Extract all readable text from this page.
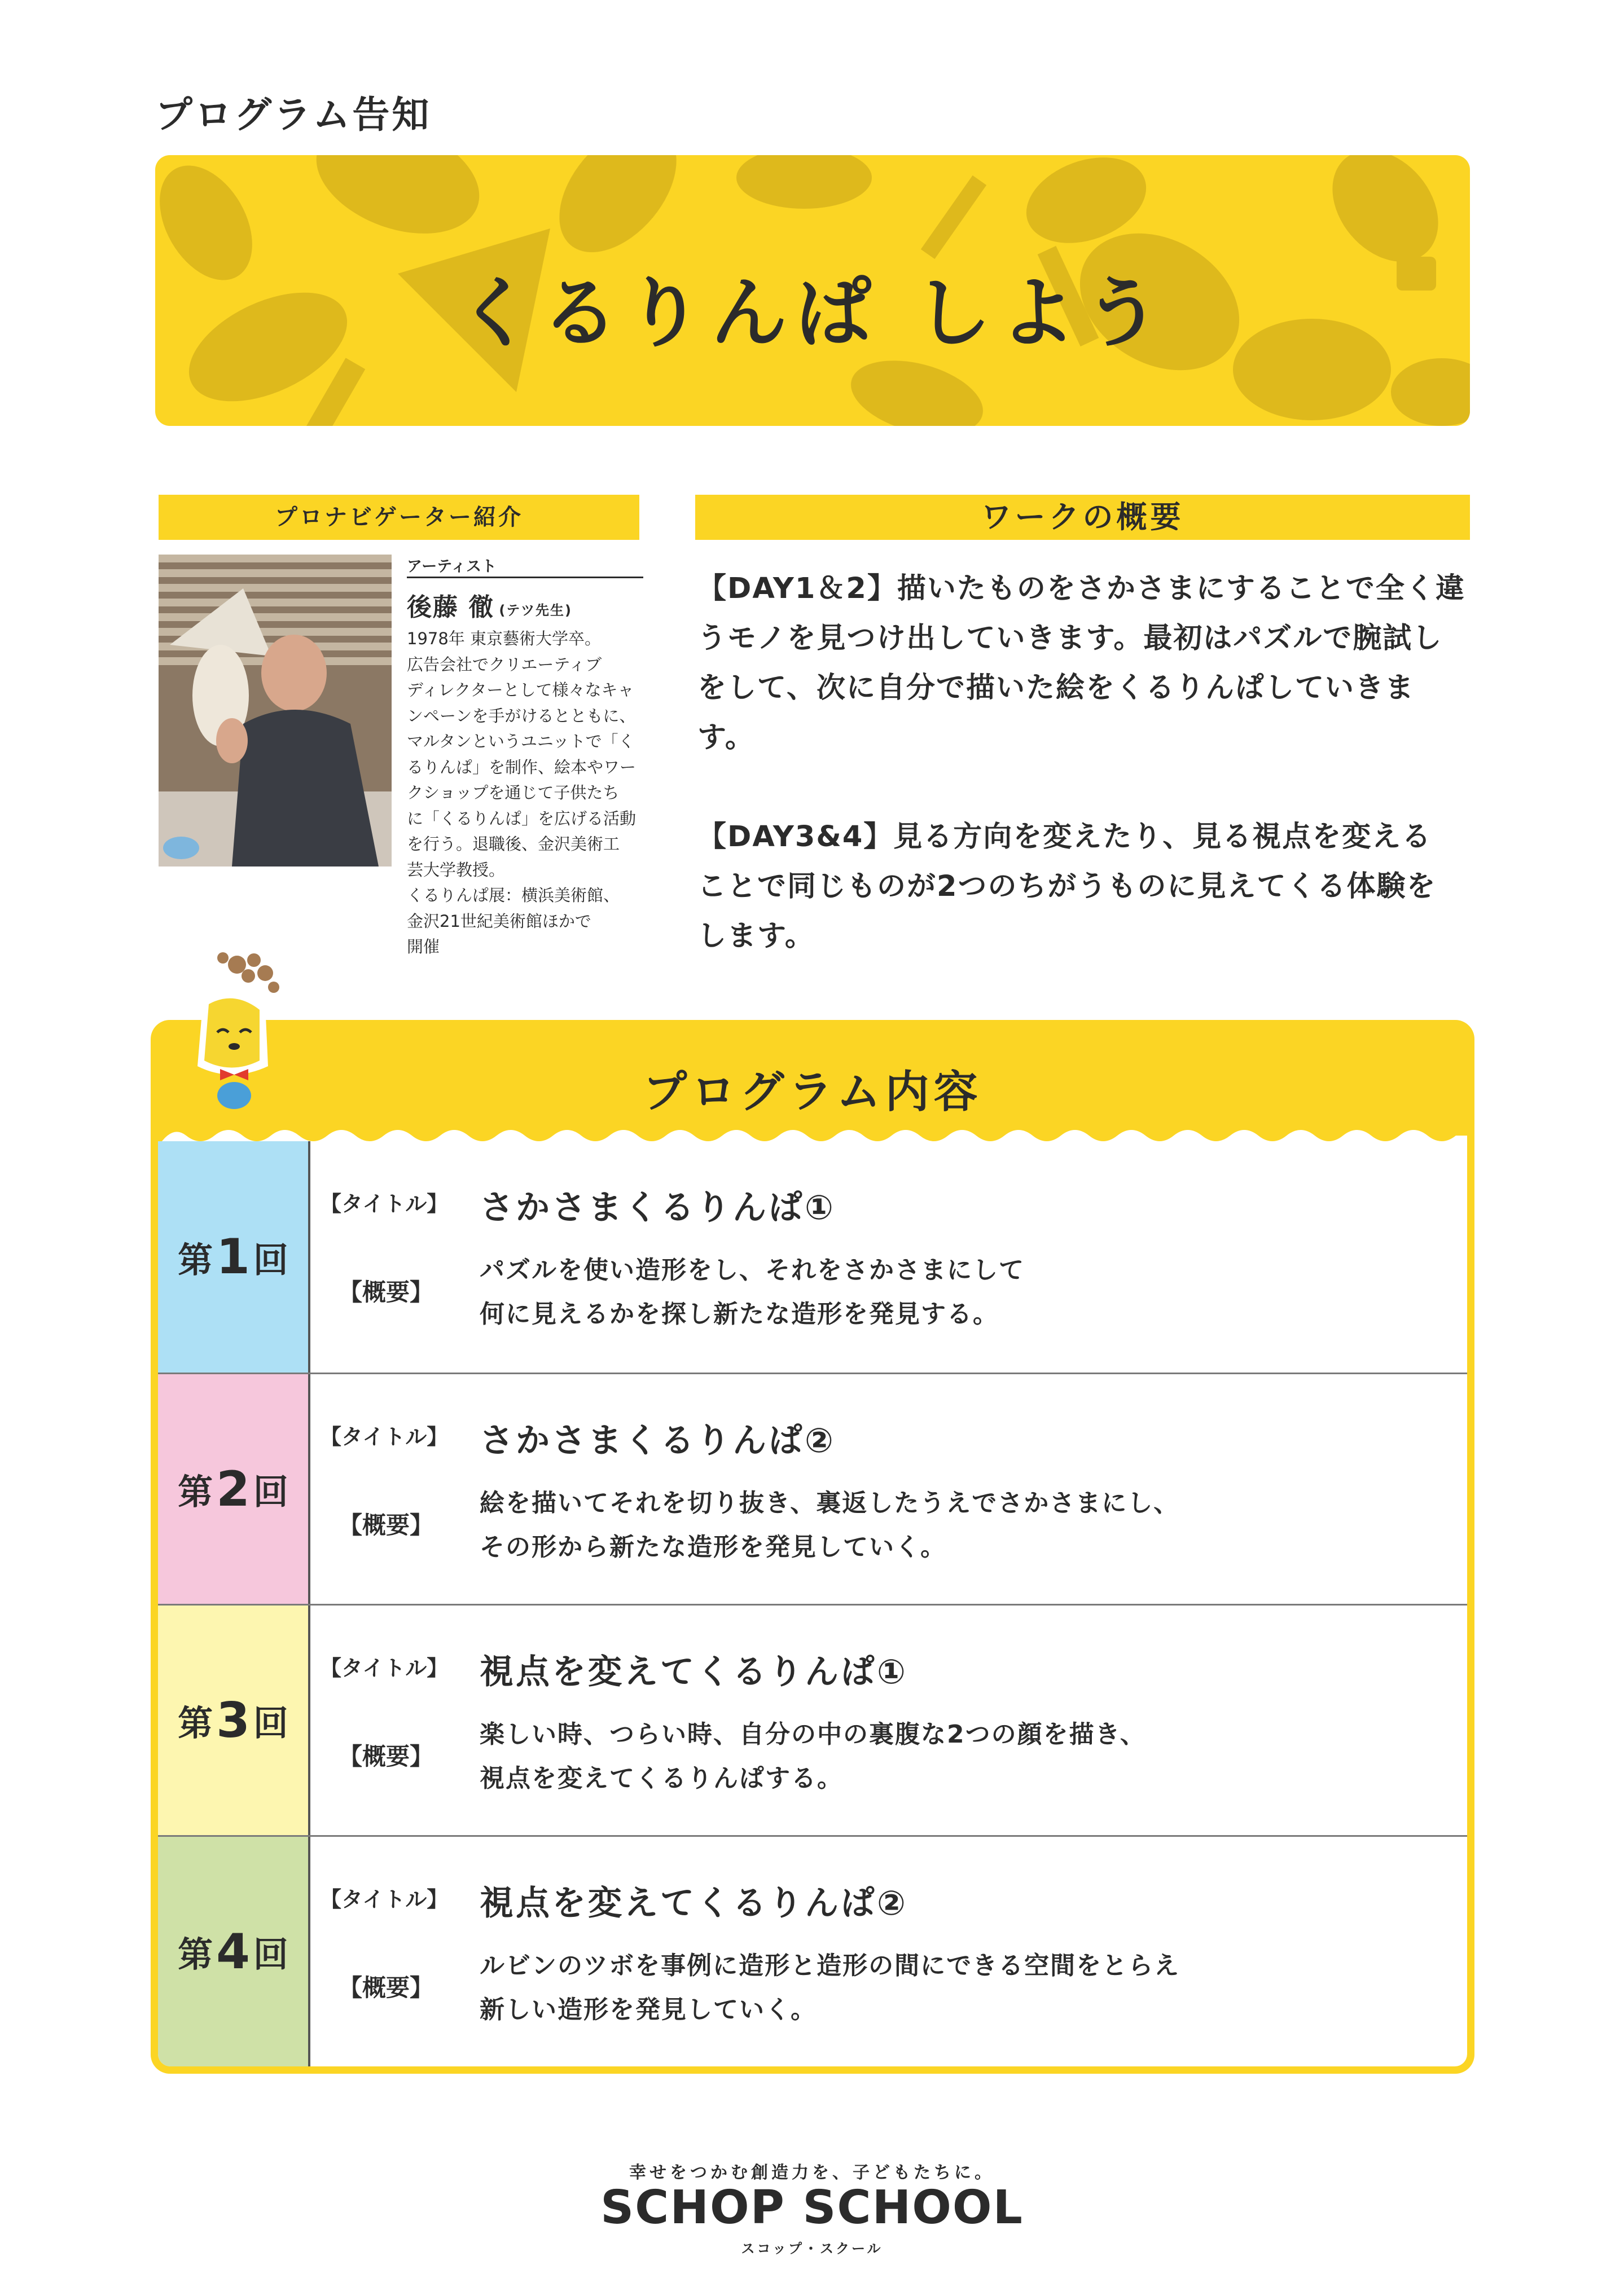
プログラム告知
くるりんぱ しよう
プロナビゲーター紹介
アーティスト
後藤 徹 (テツ先生)

1978年 東京藝術大学卒。

広告会社でクリエーティブ

ディレクターとして様々なキャ

ンペーンを手がけるとともに、

マルタンというユニットで「く

るりんぱ」を制作、絵本やワー

クショップを通じて子供たち

に「くるりんぱ」を広げる活動

を行う。退職後、金沢美術工

芸大学教授。

くるりんぱ展：横浜美術館、

金沢21世紀美術館ほかで

開催

ワークの概要

【DAY1＆2】描いたものをさかさまにすることで全く違

うモノを見つけ出していきます。最初はパズルで腕試し

をして、次に自分で描いた絵をくるりんぱしていきます。

【DAY3&4】見る方向を変えたり、見る視点を変える

ことで同じものが2つのちがうものに見えてくる体験を

します。

プログラム内容
第 1 回
【タイトル】 さかさまくるりんぱ①
【概要】

パズルを使い造形をし、それをさかさまにして

何に見えるかを探し新たな造形を発見する。

第 2 回
【タイトル】 さかさまくるりんぱ②
【概要】

絵を描いてそれを切り抜き、裏返したうえでさかさまにし、

その形から新たな造形を発見していく。

第 3 回
【タイトル】 視点を変えてくるりんぱ①
【概要】

楽しい時、つらい時、自分の中の裏腹な2つの顔を描き、

視点を変えてくるりんぱする。

第 4 回
【タイトル】 視点を変えてくるりんぱ②
【概要】

ルビンのツボを事例に造形と造形の間にできる空間をとらえ

新しい造形を発見していく。

幸せをつかむ創造力を、子どもたちに。
SCHOP SCHOOL
スコップ・スクール
